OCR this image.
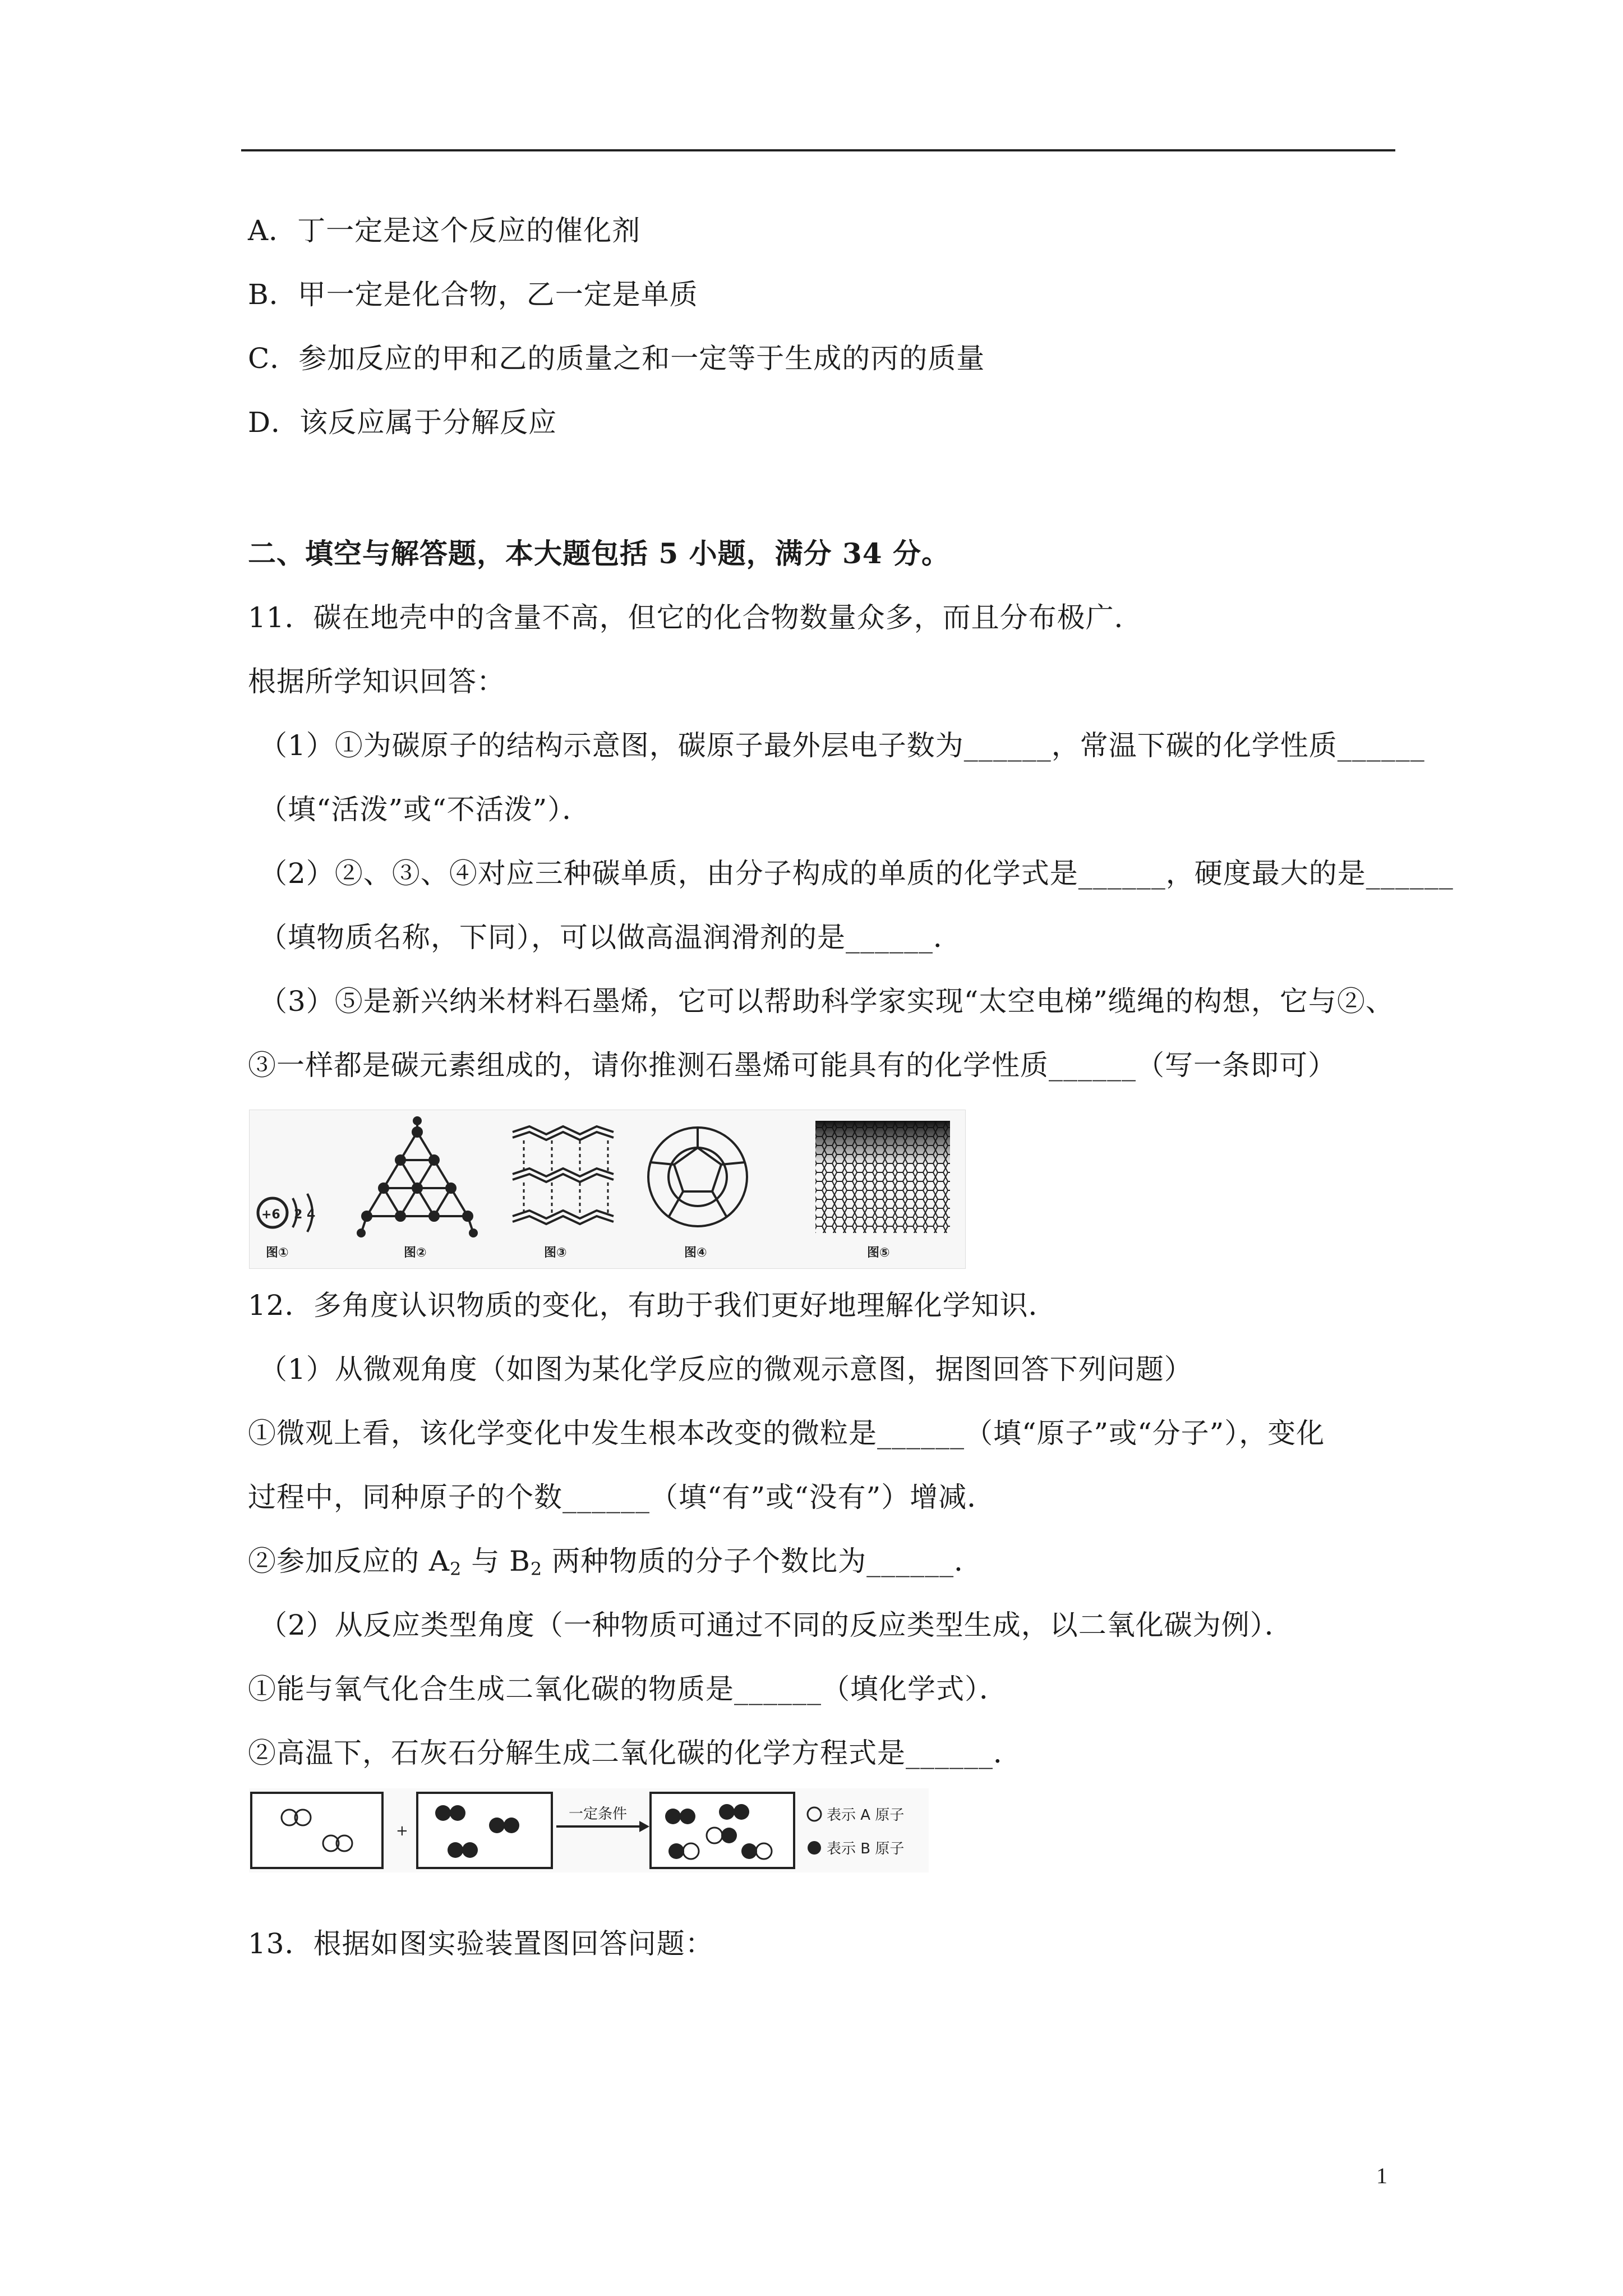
A．丁一定是这个反应的催化剂
B．甲一定是化合物，乙一定是单质
C．参加反应的甲和乙的质量之和一定等于生成的丙的质量
D．该反应属于分解反应
二、填空与解答题，本大题包括 5 小题，满分 34 分。
11．碳在地壳中的含量不高，但它的化合物数量众多，而且分布极广．
根据所学知识回答：
（1）①为碳原子的结构示意图，碳原子最外层电子数为______，常温下碳的化学性质______
（填“活泼”或“不活泼”）．
（2）②、③、④对应三种碳单质，由分子构成的单质的化学式是______，硬度最大的是______
（填物质名称，下同），可以做高温润滑剂的是______．
（3）⑤是新兴纳米材料石墨烯，它可以帮助科学家实现“太空电梯”缆绳的构想，它与②、
③一样都是碳元素组成的，请你推测石墨烯可能具有的化学性质______（写一条即可）
+6 2 4
图①	图②	图③	图④	图⑤
12．多角度认识物质的变化，有助于我们更好地理解化学知识．
（1）从微观角度（如图为某化学反应的微观示意图，据图回答下列问题）
①微观上看，该化学变化中发生根本改变的微粒是______（填“原子”或“分子”），变化
过程中，同种原子的个数______（填“有”或“没有”）增减．
②参加反应的 $A_2$ 与 $B_2$ 两种物质的分子个数比为______．
（2）从反应类型角度（一种物质可通过不同的反应类型生成，以二氧化碳为例）．
①能与氧气化合生成二氧化碳的物质是______（填化学式）．
②高温下，石灰石分解生成二氧化碳的化学方程式是______．
+
一定条件	表示 A 原子
表示 B 原子
13．根据如图实验装置图回答问题：
1
